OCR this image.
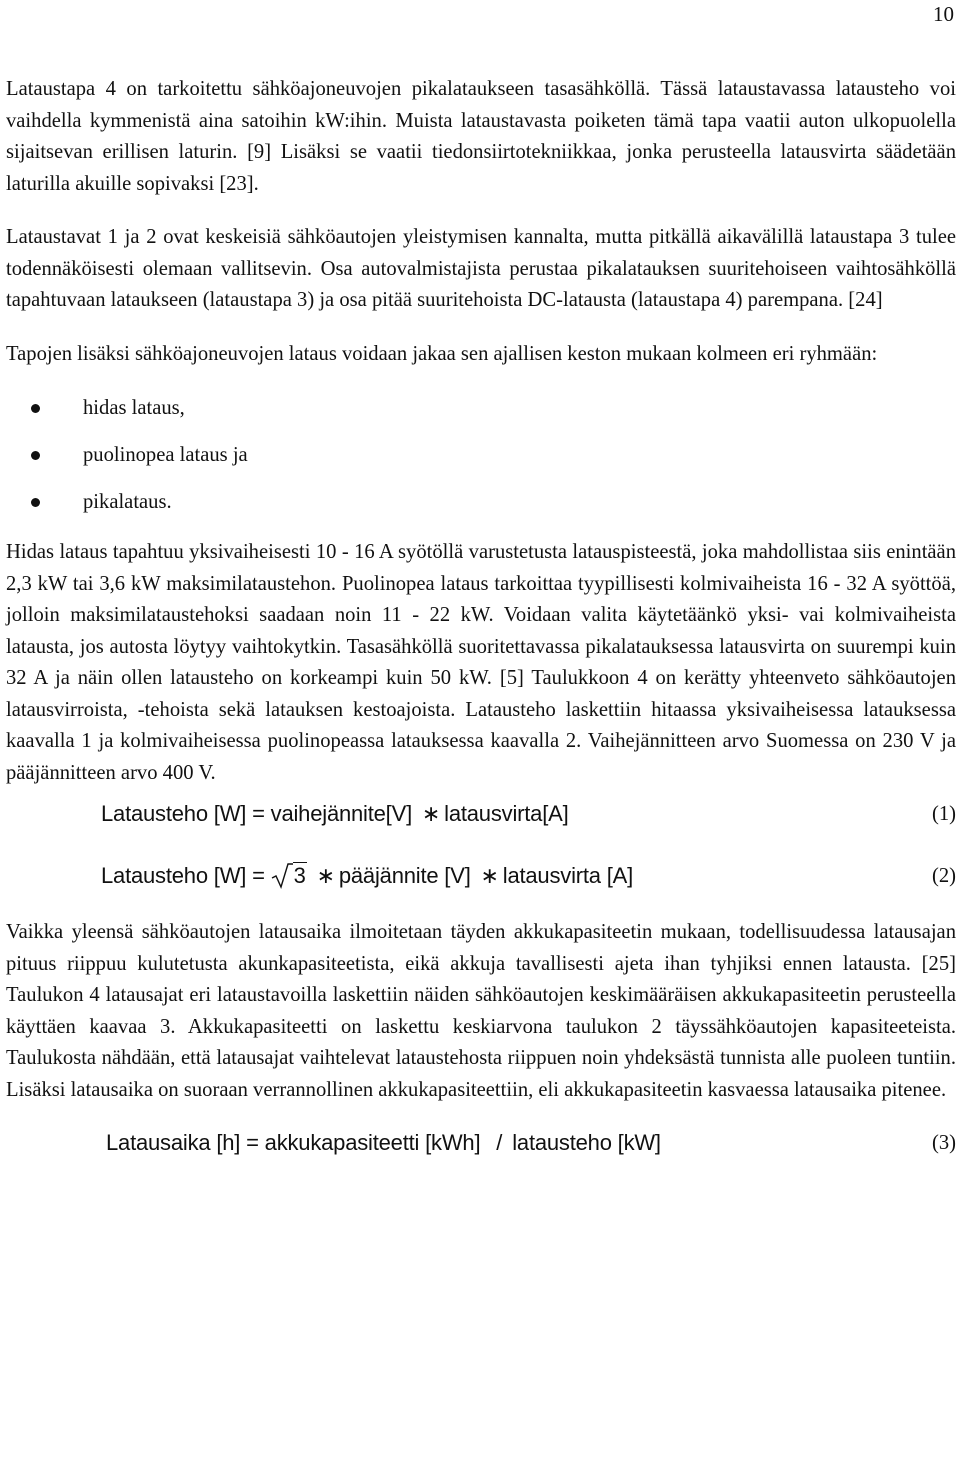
10

Lataustapa 4 on tarkoitettu sähköajoneuvojen pikalataukseen tasasähköllä. Tässä lataustavassa latausteho voi vaihdella kymmenistä aina satoihin kW:ihin. Muista lataustavasta poiketen tämä tapa vaatii auton ulkopuolella sijaitsevan erillisen laturin. [9] Lisäksi se vaatii tiedonsiirtotekniikkaa, jonka perusteella latausvirta säädetään laturilla akuille sopivaksi [23].

Lataustavat 1 ja 2 ovat keskeisiä sähköautojen yleistymisen kannalta, mutta pitkällä aikavälillä lataustapa 3 tulee todennäköisesti olemaan vallitsevin. Osa autovalmistajista perustaa pikalatauksen suuritehoiseen vaihtosähköllä tapahtuvaan lataukseen (lataustapa 3) ja osa pitää suuritehoista DC-latausta (lataustapa 4) parempana. [24]

Tapojen lisäksi sähköajoneuvojen lataus voidaan jakaa sen ajallisen keston mukaan kolmeen eri ryhmään:

hidas lataus,
puolinopea lataus ja
pikalataus.

Hidas lataus tapahtuu yksivaiheisesti 10 - 16 A syötöllä varustetusta latauspisteestä, joka mahdollistaa siis enintään 2,3 kW tai 3,6 kW maksimilataustehon. Puolinopea lataus tarkoittaa tyypillisesti kolmivaiheista 16 - 32 A syöttöä, jolloin maksimilataustehoksi saadaan noin 11 - 22 kW. Voidaan valita käytetäänkö yksi- vai kolmivaiheista latausta, jos autosta löytyy vaihtokytkin. Tasasähköllä suoritettavassa pikalatauksessa latausvirta on suurempi kuin 32 A ja näin ollen latausteho on korkeampi kuin 50 kW. [5] Taulukkoon 4 on kerätty yhteenveto sähköautojen latausvirroista, -tehoista sekä latauksen kestoajoista. Latausteho laskettiin hitaassa yksivaiheisessa latauksessa kaavalla 1 ja kolmivaiheisessa puolinopeassa latauksessa kaavalla 2. Vaihejännitteen arvo Suomessa on 230 V ja pääjännitteen arvo 400 V.

Latausteho [W] = vaihejännite[V] ∗ latausvirta[A]	(1)
Latausteho [W] = 3 ∗ pääjännite [V] ∗ latausvirta [A]	(2)

Vaikka yleensä sähköautojen latausaika ilmoitetaan täyden akkukapasiteetin mukaan, todellisuudessa latausajan pituus riippuu kulutetusta akunkapasiteetista, eikä akkuja tavallisesti ajeta ihan tyhjiksi ennen latausta. [25] Taulukon 4 latausajat eri lataustavoilla laskettiin näiden sähköautojen keskimääräisen akkukapasiteetin perusteella käyttäen kaavaa 3. Akkukapasiteetti on laskettu keskiarvona taulukon 2 täyssähköautojen kapasiteeteista. Taulukosta nähdään, että latausajat vaihtelevat lataustehosta riippuen noin yhdeksästä tunnista alle puoleen tuntiin. Lisäksi latausaika on suoraan verrannollinen akkukapasiteettiin, eli akkukapasiteetin kasvaessa latausaika pitenee.

Latausaika [h] = akkukapasiteetti [kWh] / latausteho [kW]	(3)
